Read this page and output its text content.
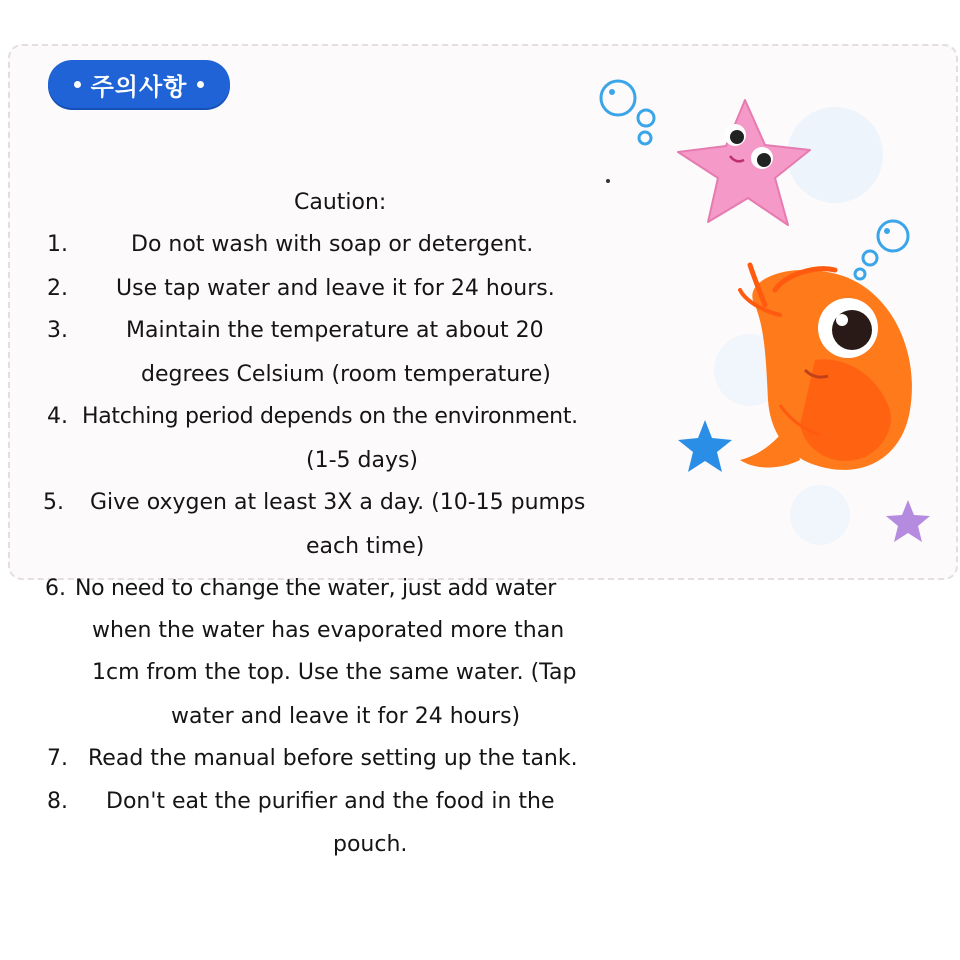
주의사항
Caution:
1.	Do not wash with soap or detergent.
2. Use tap water and leave it for 24 hours.
3.	Maintain the temperature at about 20
degrees Celsium (room temperature)
4. Hatching period depends on the environment.
(1-5 days)
5. Give oxygen at least 3X a day. (10-15 pumps
each time)
6. No need to change the water, just add water
when the water has evaporated more than
1cm from the top. Use the same water. (Tap
water and leave it for 24 hours)
7. Read the manual before setting up the tank.
8. Don't eat the purifier and the food in the
pouch.
